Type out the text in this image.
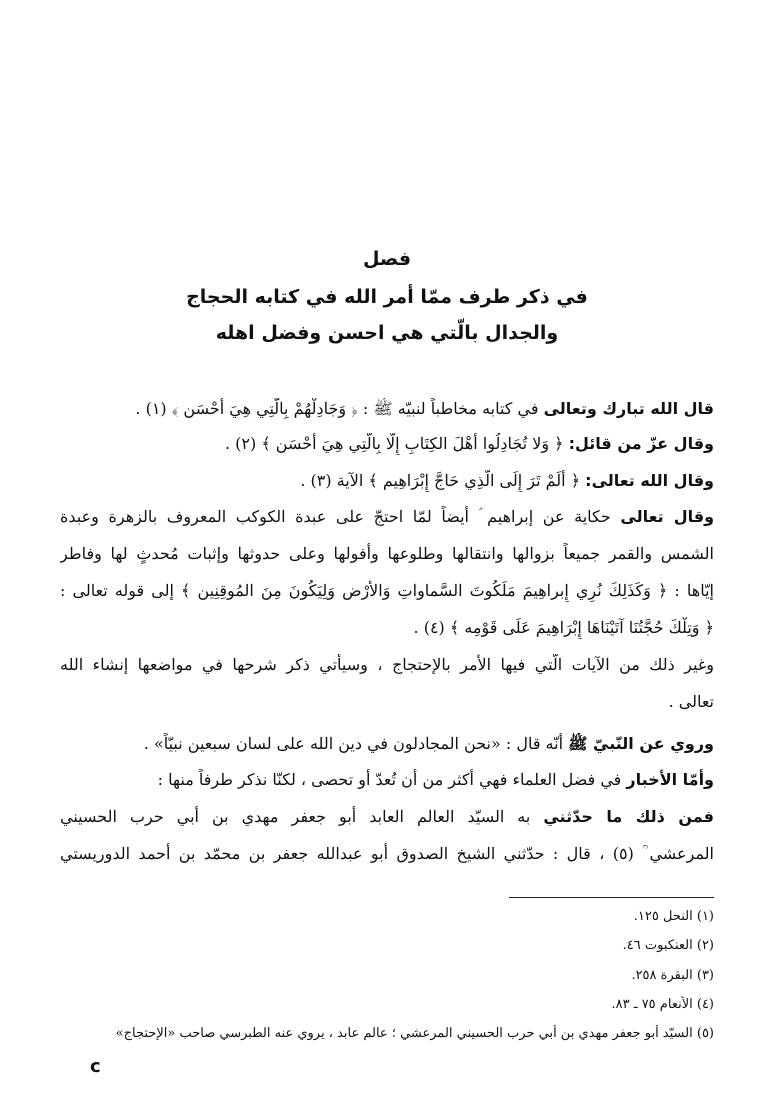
فصل
في ذكر طرف ممّا أمر الله في كتابه الحجاج
والجدال بالّتي هي احسن وفضل اهله
قال الله تبارك وتعالى في كتابه مخاطباً لنبيّه ﷺ : ﴿ وَجَادِلْهُمْ بِالَّتِي هِيَ أَحْسَن ﴾ (١) .
وقال عزّ من قائل: ﴿ وَلا تُجَادِلُوا أَهْلَ الكِتَابِ إِلّا بِالَّتِي هِيَ أَحْسَن ﴾ (٢) .
وقال الله تعالى: ﴿ أَلَمْ تَرَ إِلَى الَّذِي حَاجَّ إِبْرَاهِيم ﴾ الآية (٣) .
وقال تعالى حكاية عن إبراهيم ؑ أيضاً لمّا احتجّ على عبدة الكوكب المعروف بالزهرة وعبدة
الشمس والقمر جميعاً بزوالها وانتقالها وطلوعها وأُفولها وعلى حدوثها وإثبات مُحدثٍ لها وفاطر
إيّاها : ﴿ وَكَذَلِكَ نُرِي إِبراهِيمَ مَلَكُوتَ السَّماواتِ وَالأَرْضِ وَلِيَكُونَ مِنَ المُوقِنِين ﴾ إلى قوله تعالى :
﴿ وَتِلْكَ حُجَّتُنَا آتَيْنَاهَا إِبْرَاهِيمَ عَلَى قَوْمِه ﴾ (٤) .
وغير ذلك من الآيات الّتي فيها الأمر بالإحتجاج ، وسيأتي ذكر شرحها في مواضعها إنشاء الله
تعالى .
وروي عن النّبيّ ﷺ أنّه قال : «نحن المجادلون في دين الله على لسان سبعين نبيّاً» .
وأمّا الأخبار في فضل العلماء فهي أكثر من أن تُعدّ أو تحصى ، لكنّا نذكر طرفاً منها :
فمن ذلك ما حدّثني به السيّد العالم العابد أبو جعفر مهدي بن أبي حرب الحسيني
المرعشي ؒ (٥) ، قال : حدّثني الشيخ الصدوق أبو عبدالله جعفر بن محمّد بن أحمد الدوريستي
(١) النحل ١٢٥.
(٢) العنكبوت ٤٦.
(٣) البقرة ٢٥٨.
(٤) الأنعام ٧٥ ـ ٨٣.
(٥) السيّد أبو جعفر مهدي بن أبي حرب الحسيني المرعشي ؛ عالم عابد ، يروي عنه الطبرسي صاحب «الإحتجاج»
c
